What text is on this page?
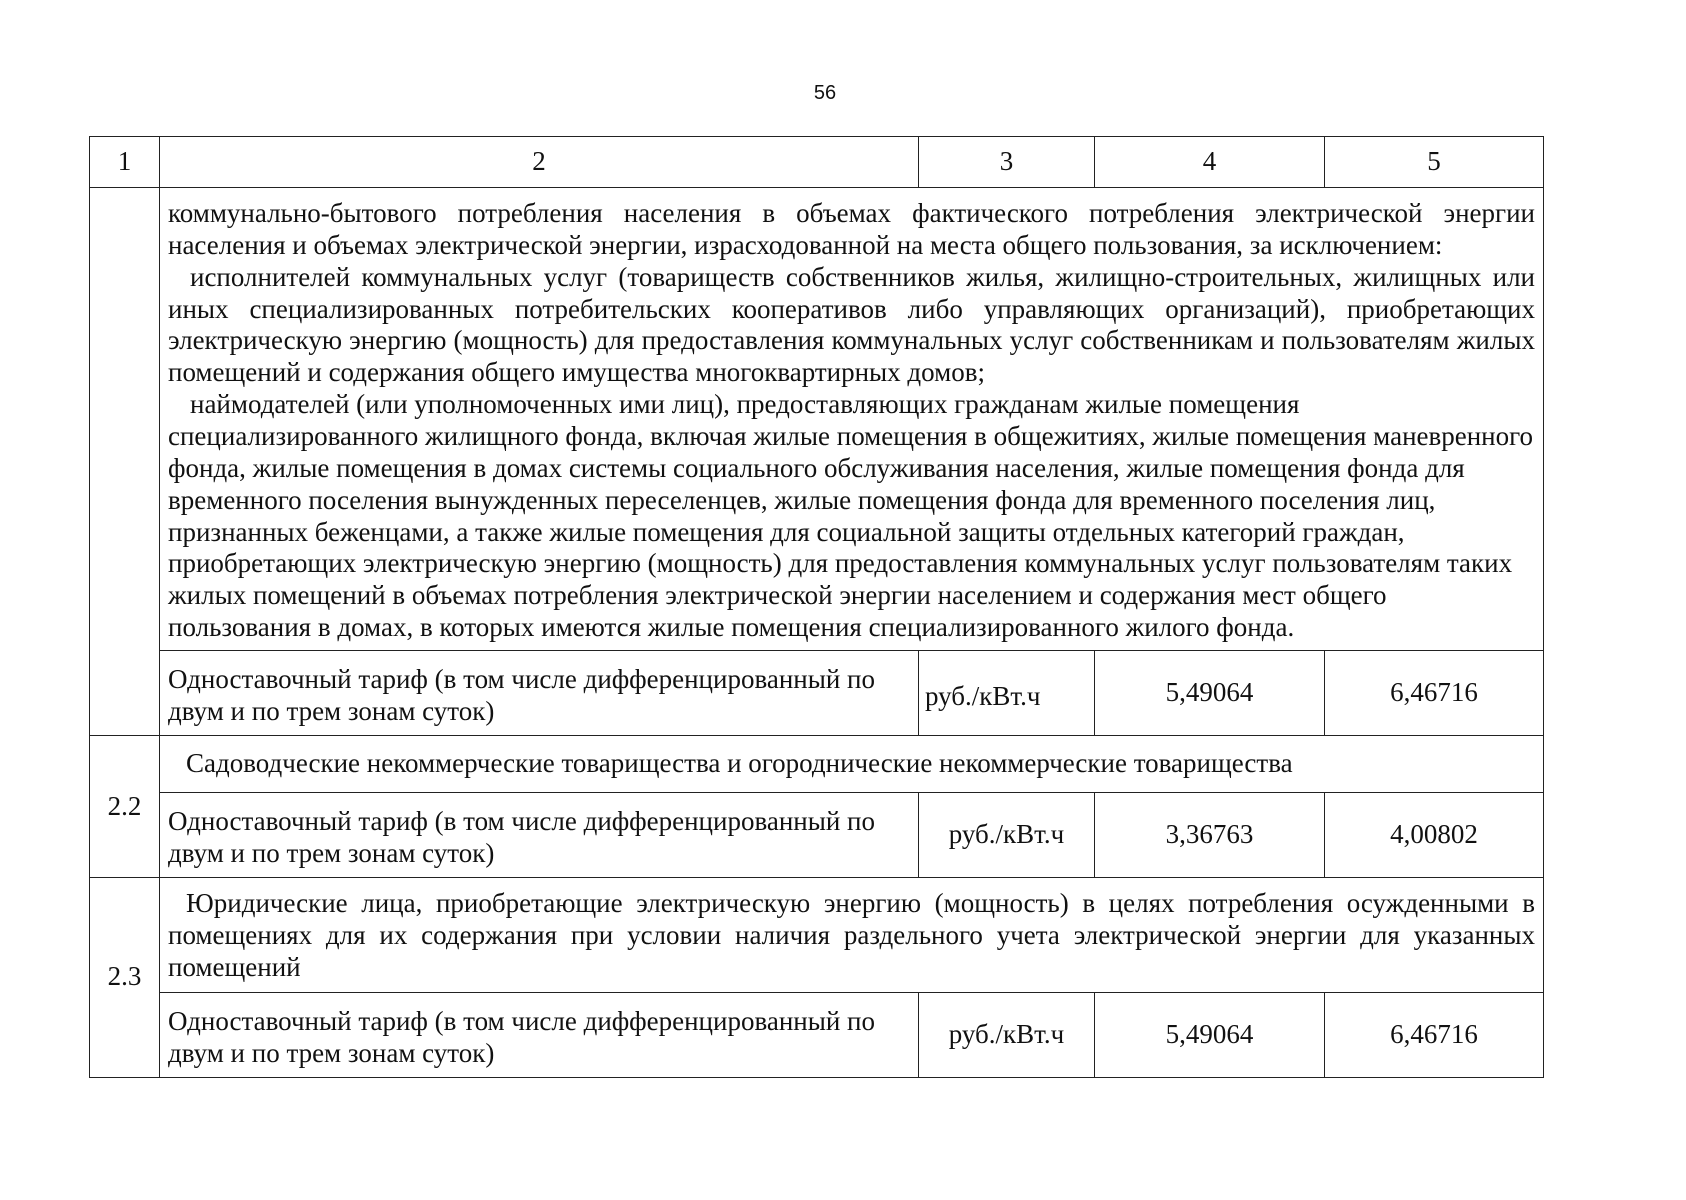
56
1	2	3	4	5

	коммунально-бытового потребления населения в объемах фактического потребления электрической энергии населения и объемах электрической энергии, израсходованной на места общего пользования, за исключением:

исполнителей коммунальных услуг (товариществ собственников жилья, жилищно-строительных, жилищных или иных специализированных потребительских кооперативов либо управляющих организаций), приобретающих электрическую энергию (мощность) для предоставления коммунальных услуг собственникам и пользователям жилых помещений и содержания общего имущества многоквартирных домов;

наймодателей (или уполномоченных ими лиц), предоставляющих гражданам жилые помещения специализированного жилищного фонда, включая жилые помещения в общежитиях, жилые помещения маневренного фонда, жилые помещения в домах системы социального обслуживания населения, жилые помещения фонда для временного поселения вынужденных переселенцев, жилые помещения фонда для временного поселения лиц, признанных беженцами, а также жилые помещения для социальной защиты отдельных категорий граждан, приобретающих электрическую энергию (мощность) для предоставления коммунальных услуг пользователям таких жилых помещений в объемах потребления электрической энергии населением и содержания мест общего пользования в домах, в которых имеются жилые помещения специализированного жилого фонда.			

	Одноставочный тариф (в том числе дифференцированный по двум и по трем зонам суток)	руб./кВт.ч	5,49064	6,46716
2.2	Садоводческие некоммерческие товарищества и огороднические некоммерческие товарищества			
	Одноставочный тариф (в том числе дифференцированный по двум и по трем зонам суток)	руб./кВт.ч	3,36763	4,00802
2.3	Юридические лица, приобретающие электрическую энергию (мощность) в целях потребления осужденными в помещениях для их содержания при условии наличия раздельного учета электрической энергии для указанных помещений			

	Одноставочный тариф (в том числе дифференцированный по двум и по трем зонам суток)	руб./кВт.ч	5,49064	6,46716
